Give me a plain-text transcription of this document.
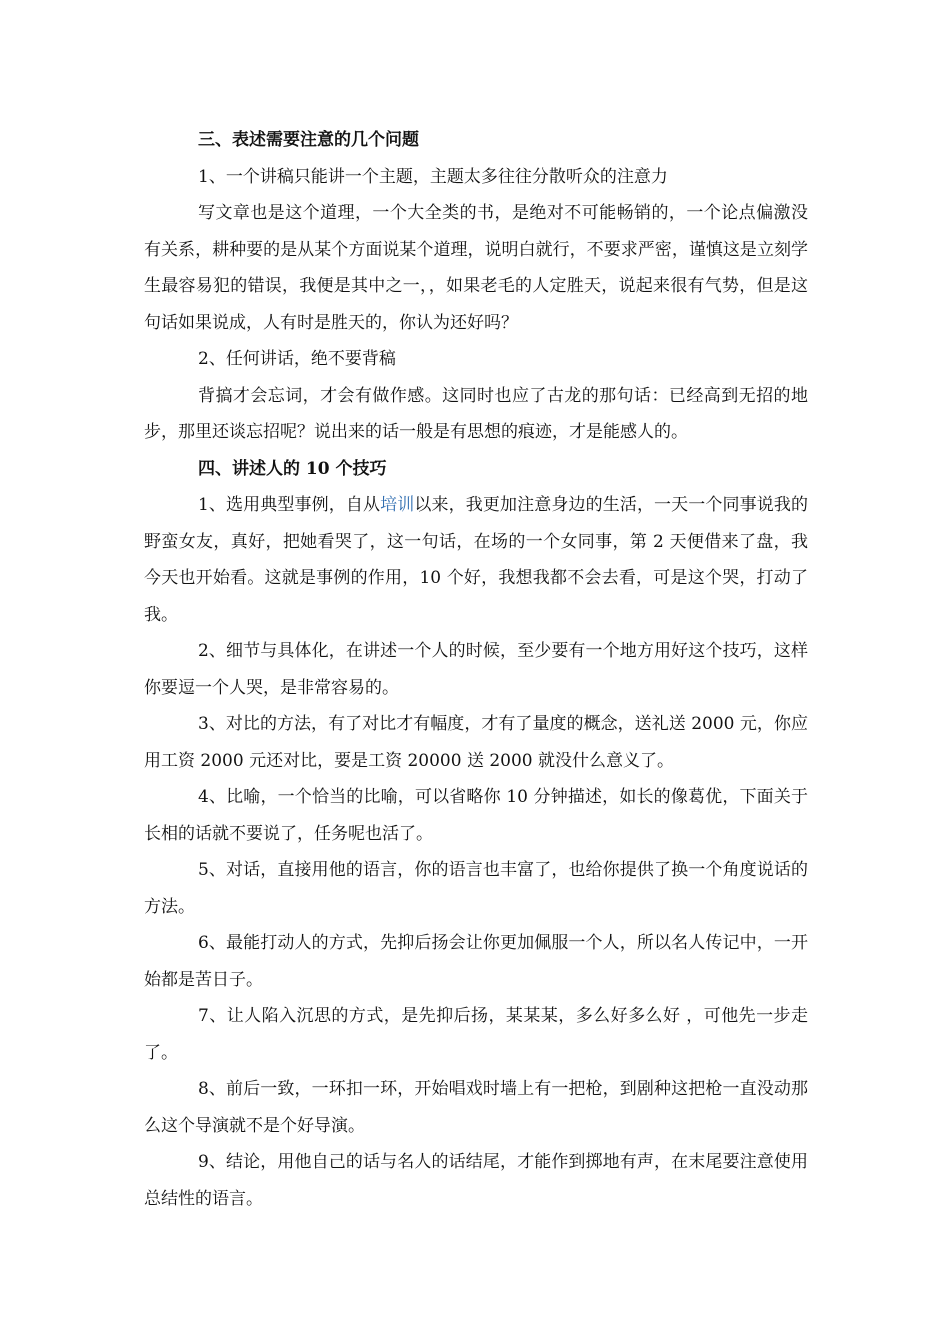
三、表述需要注意的几个问题

1、一个讲稿只能讲一个主题，主题太多往往分散听众的注意力

写文章也是这个道理，一个大全类的书，是绝对不可能畅销的，一个论点偏激没有关系，耕种要的是从某个方面说某个道理，说明白就行，不要求严密，谨慎这是立刻学生最容易犯的错误，我便是其中之一，，如果老毛的人定胜天，说起来很有气势，但是这句话如果说成，人有时是胜天的，你认为还好吗？

2、任何讲话，绝不要背稿

背搞才会忘词，才会有做作感。这同时也应了古龙的那句话：已经高到无招的地步，那里还谈忘招呢？说出来的话一般是有思想的痕迹，才是能感人的。

四、讲述人的 10 个技巧

1、选用典型事例，自从培训以来，我更加注意身边的生活，一天一个同事说我的野蛮女友，真好，把她看哭了，这一句话，在场的一个女同事，第 2 天便借来了盘，我今天也开始看。这就是事例的作用，10 个好，我想我都不会去看，可是这个哭，打动了我。

2、细节与具体化，在讲述一个人的时候，至少要有一个地方用好这个技巧，这样你要逗一个人哭，是非常容易的。

3、对比的方法，有了对比才有幅度，才有了量度的概念，送礼送 2000 元，你应用工资 2000 元还对比，要是工资 20000 送 2000 就没什么意义了。

4、比喻，一个恰当的比喻，可以省略你 10 分钟描述，如长的像葛优，下面关于长相的话就不要说了，任务呢也活了。

5、对话，直接用他的语言，你的语言也丰富了，也给你提供了换一个角度说话的方法。

6、最能打动人的方式，先抑后扬会让你更加佩服一个人，所以名人传记中，一开始都是苦日子。

7、让人陷入沉思的方式，是先抑后扬，某某某，多么好多么好 ，可他先一步走了。

8、前后一致，一环扣一环，开始唱戏时墙上有一把枪，到剧种这把枪一直没动那么这个导演就不是个好导演。

9、结论，用他自己的话与名人的话结尾，才能作到掷地有声，在末尾要注意使用总结性的语言。
